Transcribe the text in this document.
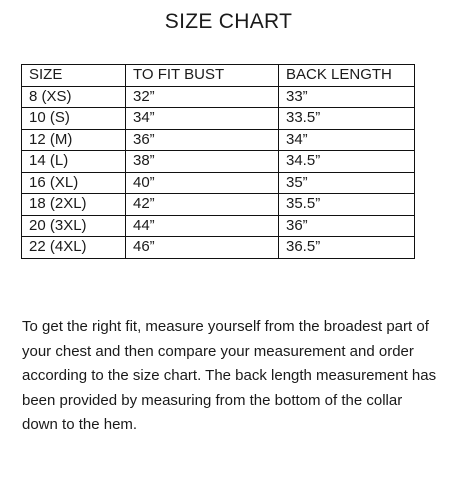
SIZE CHART
SIZE	TO FIT BUST	BACK LENGTH
8 (XS)	32”	33”
10 (S)	34”	33.5”
12 (M)	36”	34”
14 (L)	38”	34.5”
16 (XL)	40”	35”
18 (2XL)	42”	35.5”
20 (3XL)	44”	36”
22 (4XL)	46”	36.5”

To get the right fit, measure yourself from the broadest part of your chest and then compare your measurement and order according to the size chart. The back length measurement has been provided by measuring from the bottom of the collar down to the hem.
